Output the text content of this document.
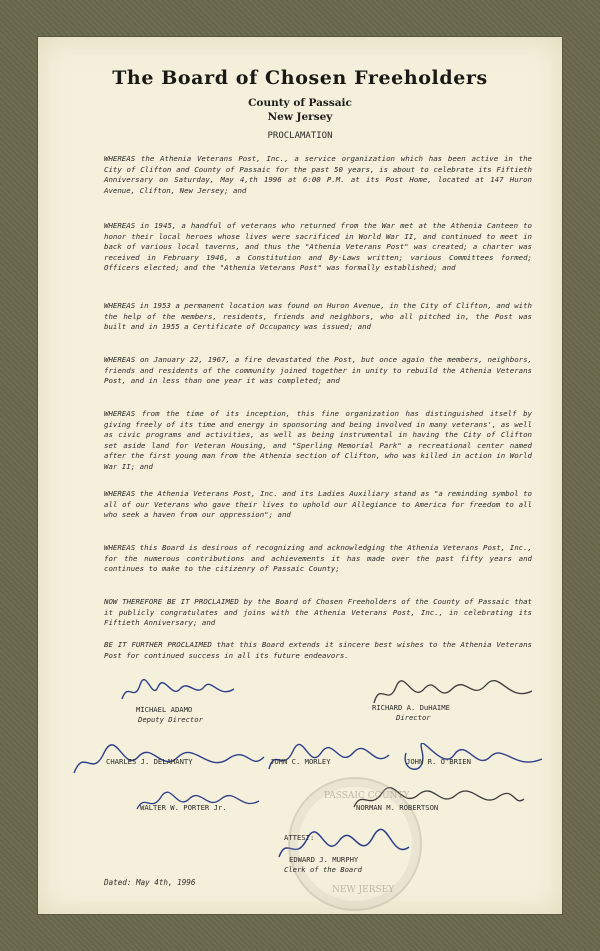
The Board of Chosen Freeholders
County of Passaic
New Jersey
PROCLAMATION

WHEREAS the Athenia Veterans Post, Inc., a service organization which has been active in the City of Clifton and County of Passaic for the past 50 years, is about to celebrate its Fiftieth Anniversary on Saturday, May 4,th 1996 at 6:00 P.M. at its Post Home, located at 147 Huron Avenue, Clifton, New Jersey; and

WHEREAS in 1945, a handful of veterans who returned from the War met at the Athenia Canteen to honor their local heroes whose lives were sacrificed in World War II, and continued to meet in back of various local taverns, and thus the "Athenia Veterans Post" was created; a charter was received in February 1946, a Constitution and By-Laws written; various Committees formed; Officers elected; and the "Athenia Veterans Post" was formally established; and

WHEREAS in 1953 a permanent location was found on Huron Avenue, in the City of Clifton, and with the help of the members, residents, friends and neighbors, who all pitched in, the Post was built and in 1955 a Certificate of Occupancy was issued; and

WHEREAS on January 22, 1967, a fire devastated the Post, but once again the members, neighbors, friends and residents of the community joined together in unity to rebuild the Athenia Veterans Post, and in less than one year it was completed; and

WHEREAS from the time of its inception, this fine organization has distinguished itself by giving freely of its time and energy in sponsoring and being involved in many veterans', as well as civic programs and activities, as well as being instrumental in having the City of Clifton set aside land for Veteran Housing, and "Sperling Memorial Park" a recreational center named after the first young man from the Athenia section of Clifton, who was killed in action in World War II; and

WHEREAS the Athenia Veterans Post, Inc. and its Ladies Auxiliary stand as "a reminding symbol to all of our Veterans who gave their lives to uphold our Allegiance to America for freedom to all who seek a haven from our oppression"; and

WHEREAS this Board is desirous of recognizing and acknowledging the Athenia Veterans Post, Inc., for the numerous contributions and achievements it has made over the past fifty years and continues to make to the citizenry of Passaic County;

NOW THEREFORE BE IT PROCLAIMED by the Board of Chosen Freeholders of the County of Passaic that it publicly congratulates and joins with the Athenia Veterans Post, Inc., in celebrating its Fiftieth Anniversary; and

BE IT FURTHER PROCLAIMED that this Board extends it sincere best wishes to the Athenia Veterans Post for continued success in all its future endeavors.

PASSAIC COUNTY
NEW JERSEY
MICHAEL ADAMO
Deputy Director
RICHARD A. DuHAIME
Director
CHARLES J. DELAHANTY	JOHN C. MORLEY	JOHN R. O'BRIEN
WALTER W. PORTER Jr.	NORMAN M. ROBERTSON
ATTEST:
EDWARD J. MURPHY
Clerk of the Board
Dated: May 4th, 1996
